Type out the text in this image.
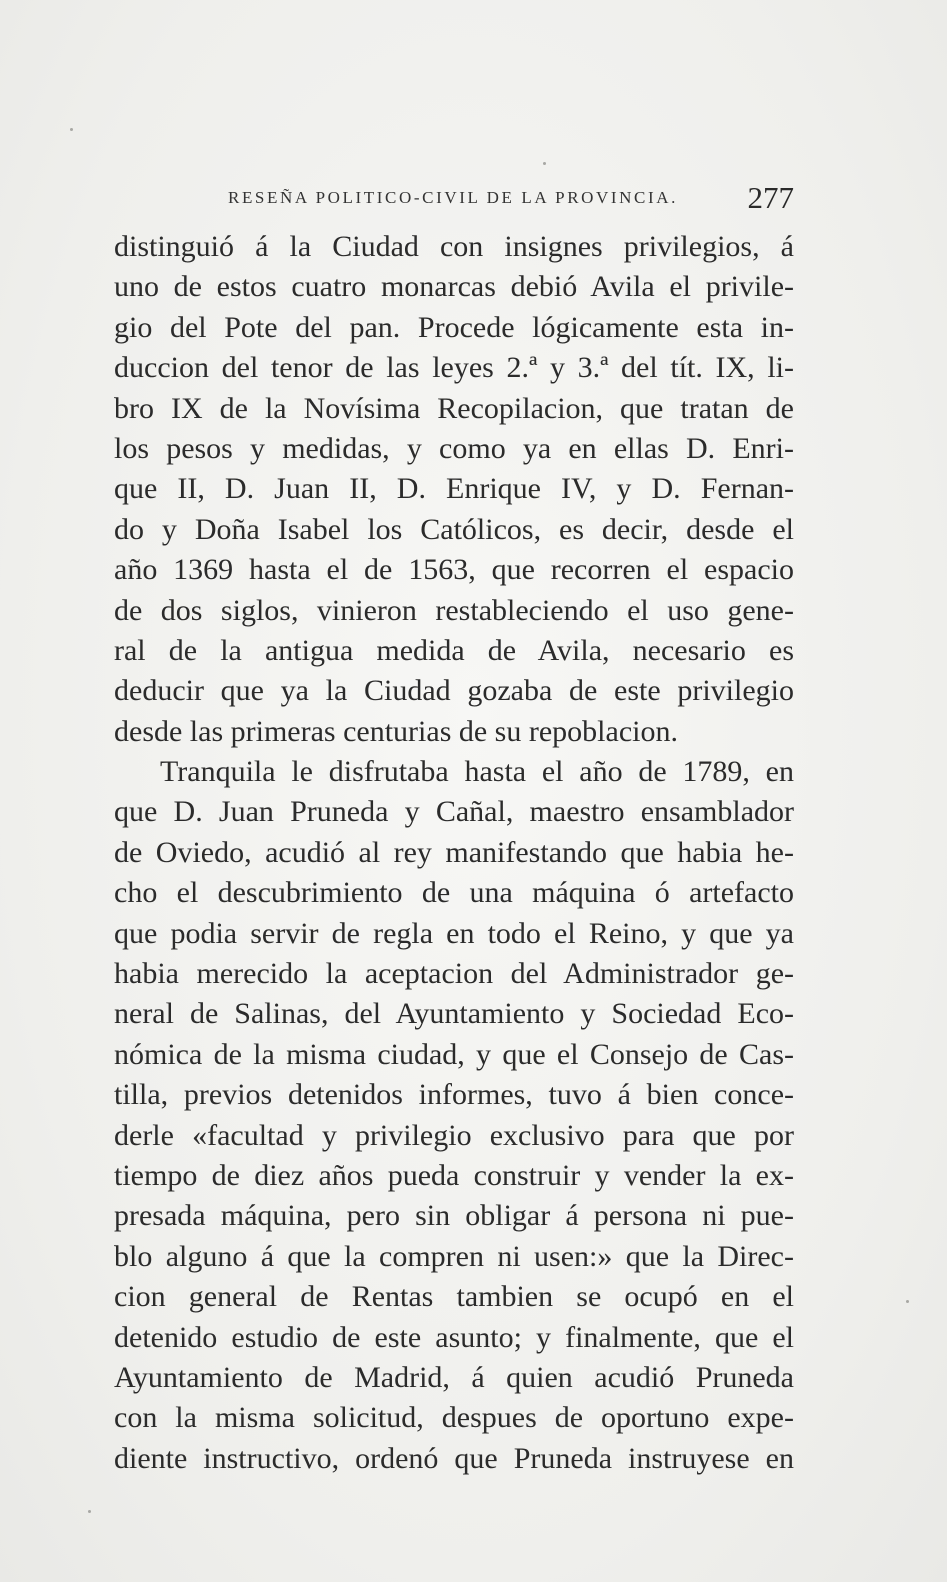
RESEÑA POLITICO-CIVIL DE LA PROVINCIA. 277
distinguió á la Ciudad con insignes privilegios, á
uno de estos cuatro monarcas debió Avila el privile-
gio del Pote del pan. Procede lógicamente esta in-
duccion del tenor de las leyes 2.ª y 3.ª del tít. IX, li-
bro IX de la Novísima Recopilacion, que tratan de
los pesos y medidas, y como ya en ellas D. Enri-
que II, D. Juan II, D. Enrique IV, y D. Fernan-
do y Doña Isabel los Católicos, es decir, desde el
año 1369 hasta el de 1563, que recorren el espacio
de dos siglos, vinieron restableciendo el uso gene-
ral de la antigua medida de Avila, necesario es
deducir que ya la Ciudad gozaba de este privilegio
desde las primeras centurias de su repoblacion.
Tranquila le disfrutaba hasta el año de 1789, en
que D. Juan Pruneda y Cañal, maestro ensamblador
de Oviedo, acudió al rey manifestando que habia he-
cho el descubrimiento de una máquina ó artefacto
que podia servir de regla en todo el Reino, y que ya
habia merecido la aceptacion del Administrador ge-
neral de Salinas, del Ayuntamiento y Sociedad Eco-
nómica de la misma ciudad, y que el Consejo de Cas-
tilla, previos detenidos informes, tuvo á bien conce-
derle «facultad y privilegio exclusivo para que por
tiempo de diez años pueda construir y vender la ex-
presada máquina, pero sin obligar á persona ni pue-
blo alguno á que la compren ni usen:» que la Direc-
cion general de Rentas tambien se ocupó en el
detenido estudio de este asunto; y finalmente, que el
Ayuntamiento de Madrid, á quien acudió Pruneda
con la misma solicitud, despues de oportuno expe-
diente instructivo, ordenó que Pruneda instruyese en
